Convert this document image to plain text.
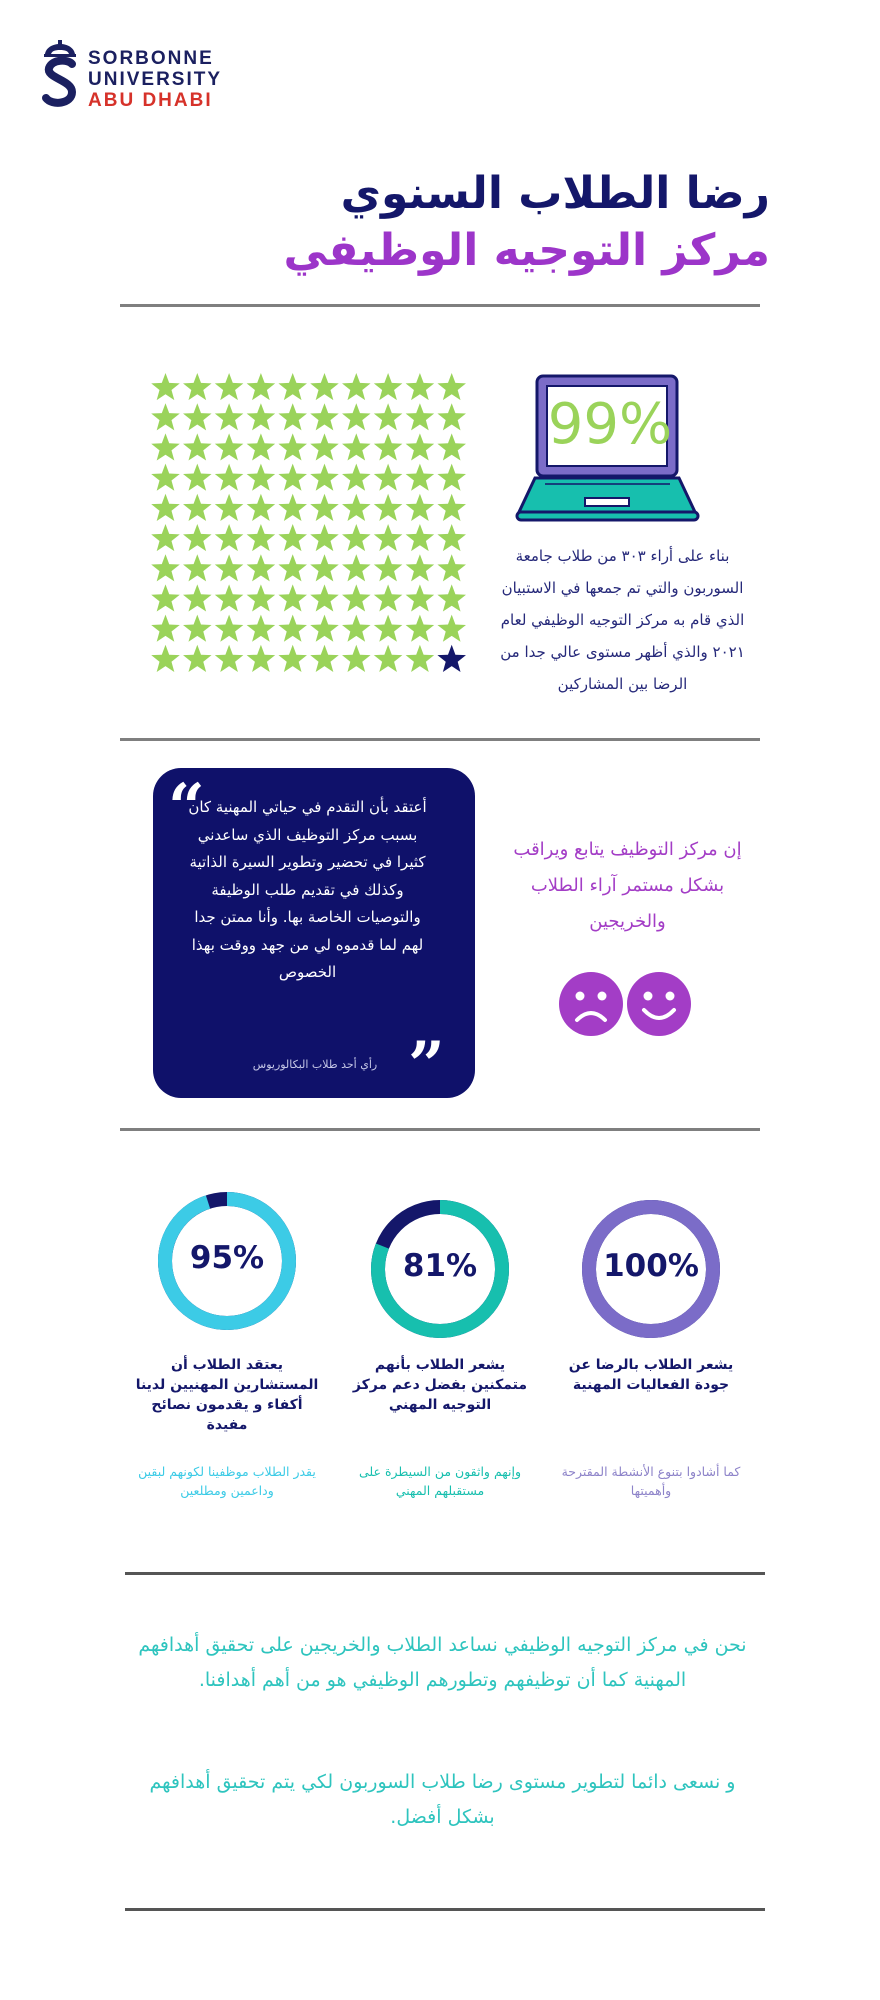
SORBONNE
UNIVERSITY
ABU DHABI
رضا الطلاب السنوي
مركز التوجيه الوظيفي
99%
بناء على أراء ٣٠٣ من طلاب جامعة السوربون والتي تم جمعها في الاستبيان الذي قام به مركز التوجيه الوظيفي لعام ٢٠٢١ والذي أظهر مستوى عالي جدا من الرضا بين المشاركين
“
أعتقد بأن التقدم في حياتي المهنية كان بسبب مركز التوظيف الذي ساعدني كثيرا في تحضير وتطوير السيرة الذاتية وكذلك في تقديم طلب الوظيفة والتوصيات الخاصة بها. وأنا ممتن جدا لهم لما قدموه لي من جهد ووقت بهذا الخصوص
رأي أحد طلاب البكالوريوس ”
إن مركز التوظيف يتابع ويراقب بشكل مستمر آراء الطلاب والخريجين
95%
يعتقد الطلاب أن المستشارين المهنيين لدينا أكفاء و يقدمون نصائح مفيدة
يقدر الطلاب موظفينا لكونهم لبقين وداعمين ومطلعين
81%
يشعر الطلاب بأنهم متمكنين بفضل دعم مركز التوجيه المهني
وإنهم واثقون من السيطرة على مستقبلهم المهني
100%
يشعر الطلاب بالرضا عن جودة الفعاليات المهنية
كما أشادوا بتنوع الأنشطة المقترحة وأهميتها
نحن في مركز التوجيه الوظيفي نساعد الطلاب والخريجين على تحقيق أهدافهم المهنية كما أن توظيفهم وتطورهم الوظيفي هو من أهم أهدافنا.
و نسعى دائما لتطوير مستوى رضا طلاب السوربون لكي يتم تحقيق أهدافهم بشكل أفضل.
